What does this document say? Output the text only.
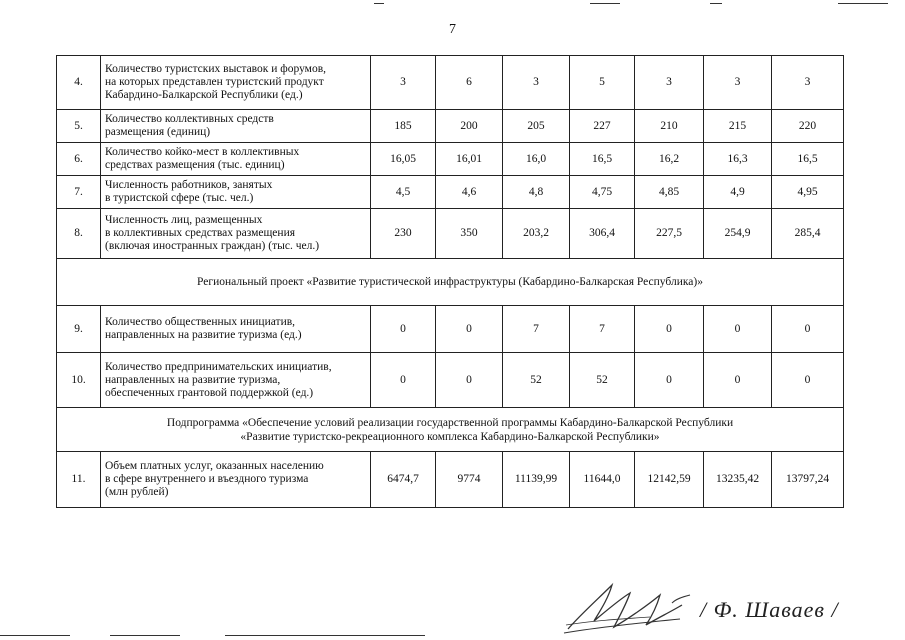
7
4.	Количество туристских выставок и форумов,
на которых представлен туристский продукт
Кабардино-Балкарской Республики (ед.)	3	6	3	5	3	3	3
5.	Количество коллективных средств
размещения (единиц)	185	200	205	227	210	215	220
6.	Количество койко-мест в коллективных
средствах размещения (тыс. единиц)	16,05	16,01	16,0	16,5	16,2	16,3	16,5
7.	Численность работников, занятых
в туристской сфере (тыс. чел.)	4,5	4,6	4,8	4,75	4,85	4,9	4,95
8.	Численность лиц, размещенных
в коллективных средствах размещения
(включая иностранных граждан) (тыс. чел.)	230	350	203,2	306,4	227,5	254,9	285,4
Региональный проект «Развитие туристической инфраструктуры (Кабардино-Балкарская Республика)»								
9.	Количество общественных инициатив,
направленных на развитие туризма (ед.)	0	0	7	7	0	0	0
10.	Количество предпринимательских инициатив,
направленных на развитие туризма,
обеспеченных грантовой поддержкой (ед.)	0	0	52	52	0	0	0
Подпрограмма «Обеспечение условий реализации государственной программы Кабардино-Балкарской Республики
«Развитие туристско-рекреационного комплекса Кабардино-Балкарской Республики»								
11.	Объем платных услуг, оказанных населению
в сфере внутреннего и въездного туризма
(млн рублей)	6474,7	9774	11139,99	11644,0	12142,59	13235,42	13797,24
/ Ф. Шаваев /
